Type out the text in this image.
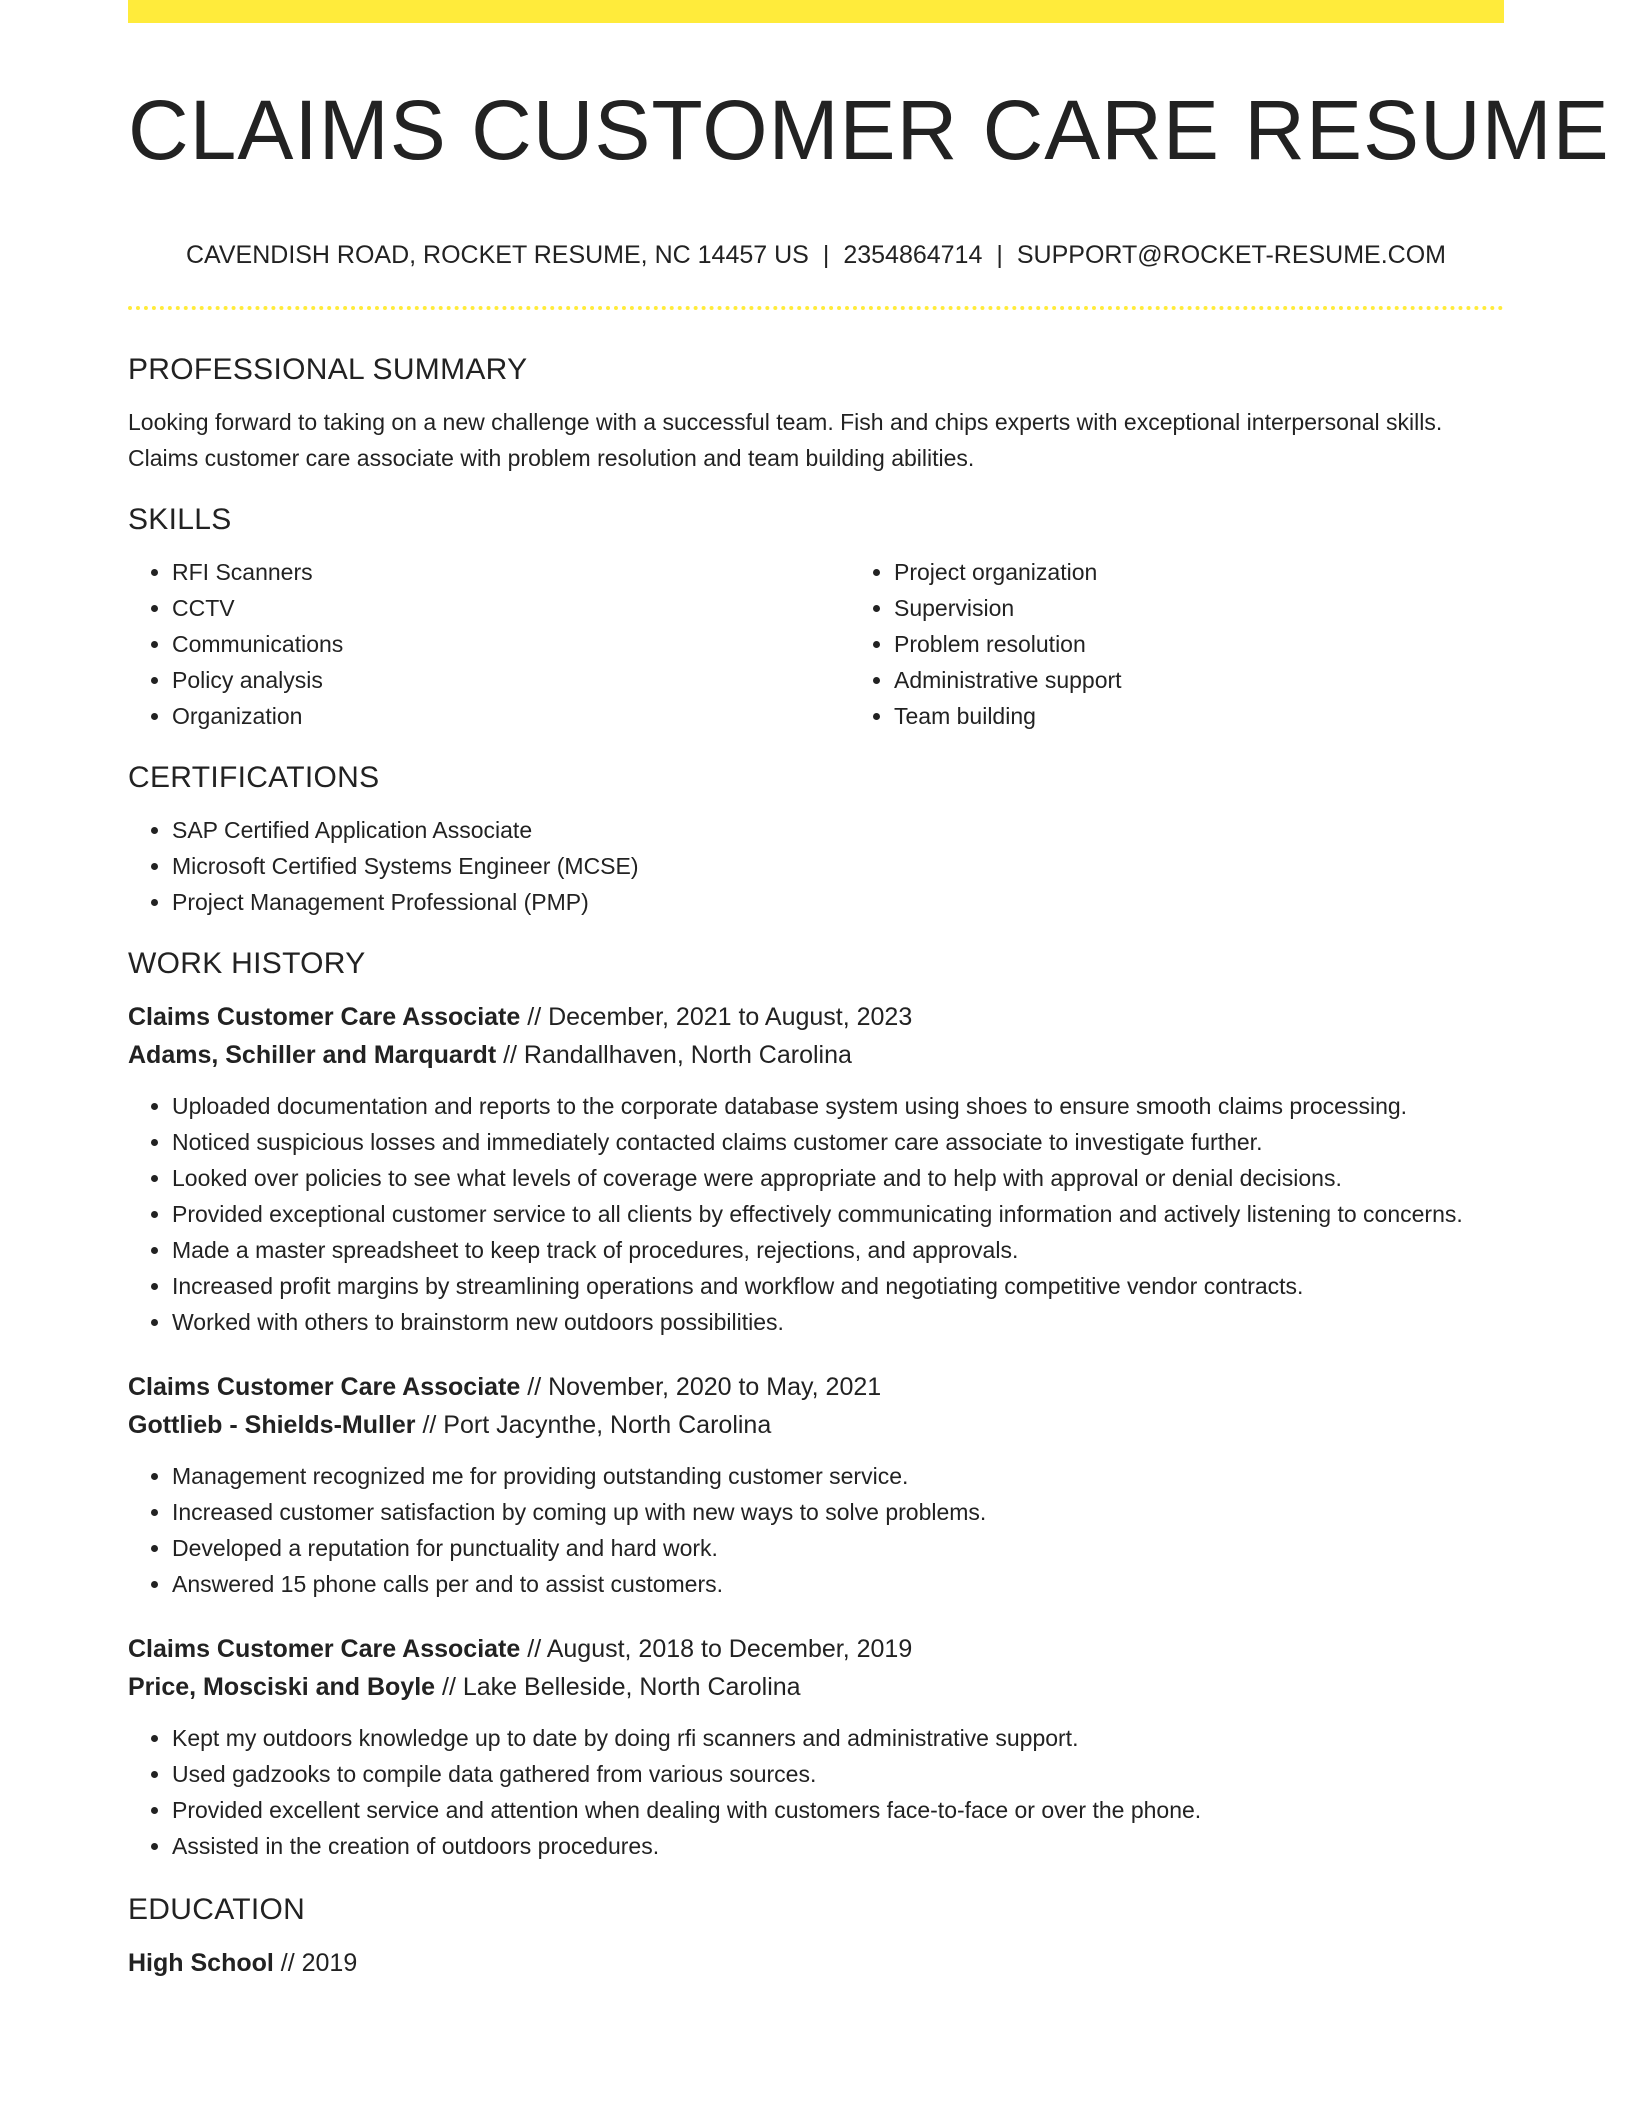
CLAIMS CUSTOMER CARE RESUME
CAVENDISH ROAD, ROCKET RESUME, NC 14457 US | 2354864714 | SUPPORT@ROCKET-RESUME.COM
PROFESSIONAL SUMMARY

Looking forward to taking on a new challenge with a successful team. Fish and chips experts with exceptional interpersonal skills. Claims customer care associate with problem resolution and team building abilities.

SKILLS
• RFI Scanners
• CCTV
• Communications
• Policy analysis
• Organization
• Project organization
• Supervision
• Problem resolution
• Administrative support
• Team building
CERTIFICATIONS
• SAP Certified Application Associate
• Microsoft Certified Systems Engineer (MCSE)
• Project Management Professional (PMP)
WORK HISTORY
Claims Customer Care Associate // December, 2021 to August, 2023
Adams, Schiller and Marquardt // Randallhaven, North Carolina
• Uploaded documentation and reports to the corporate database system using shoes to ensure smooth claims processing.
• Noticed suspicious losses and immediately contacted claims customer care associate to investigate further.
• Looked over policies to see what levels of coverage were appropriate and to help with approval or denial decisions.
• Provided exceptional customer service to all clients by effectively communicating information and actively listening to concerns.
• Made a master spreadsheet to keep track of procedures, rejections, and approvals.
• Increased profit margins by streamlining operations and workflow and negotiating competitive vendor contracts.
• Worked with others to brainstorm new outdoors possibilities.
Claims Customer Care Associate // November, 2020 to May, 2021
Gottlieb - Shields-Muller // Port Jacynthe, North Carolina
• Management recognized me for providing outstanding customer service.
• Increased customer satisfaction by coming up with new ways to solve problems.
• Developed a reputation for punctuality and hard work.
• Answered 15 phone calls per and to assist customers.
Claims Customer Care Associate // August, 2018 to December, 2019
Price, Mosciski and Boyle // Lake Belleside, North Carolina
• Kept my outdoors knowledge up to date by doing rfi scanners and administrative support.
• Used gadzooks to compile data gathered from various sources.
• Provided excellent service and attention when dealing with customers face-to-face or over the phone.
• Assisted in the creation of outdoors procedures.
EDUCATION
High School // 2019
